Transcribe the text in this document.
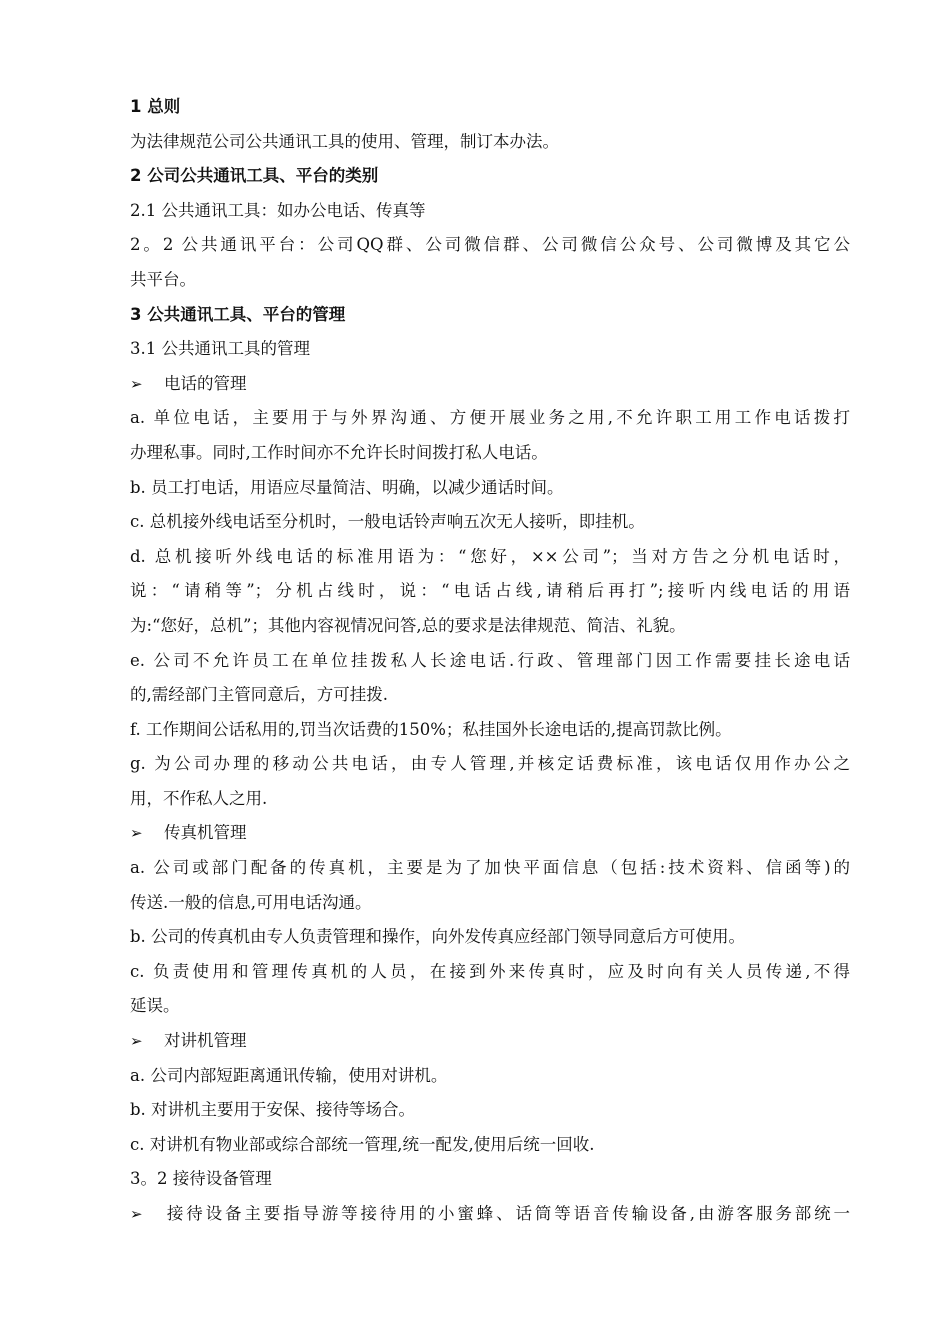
1 总则
为法律规范公司公共通讯工具的使用、管理，制订本办法。
2 公司公共通讯工具、平台的类别
2.1 公共通讯工具：如办公电话、传真等
2。2 公共通讯平台：公司QQ群、公司微信群、公司微信公众号、公司微博及其它公
共平台。
3 公共通讯工具、平台的管理
3.1 公共通讯工具的管理
➢ 电话的管理
a. 单位电话，主要用于与外界沟通、方便开展业务之用,不允许职工用工作电话拨打
办理私事。同时,工作时间亦不允许长时间拨打私人电话。
b. 员工打电话，用语应尽量简洁、明确，以减少通话时间。
c. 总机接外线电话至分机时，一般电话铃声响五次无人接听，即挂机。
d. 总机接听外线电话的标准用语为：“您好，××公司”；当对方告之分机电话时，
说：“请稍等”；分机占线时，说：“电话占线,请稍后再打”;接听内线电话的用语
为:“您好，总机”；其他内容视情况问答,总的要求是法律规范、简洁、礼貌。
e. 公司不允许员工在单位挂拨私人长途电话.行政、管理部门因工作需要挂长途电话
的,需经部门主管同意后，方可挂拨.
f. 工作期间公话私用的,罚当次话费的150%；私挂国外长途电话的,提高罚款比例。
g. 为公司办理的移动公共电话，由专人管理,并核定话费标准，该电话仅用作办公之
用，不作私人之用.
➢ 传真机管理
a. 公司或部门配备的传真机，主要是为了加快平面信息（包括:技术资料、信函等)的
传送.一般的信息,可用电话沟通。
b. 公司的传真机由专人负责管理和操作，向外发传真应经部门领导同意后方可使用。
c. 负责使用和管理传真机的人员，在接到外来传真时，应及时向有关人员传递,不得
延误。
➢ 对讲机管理
a. 公司内部短距离通讯传输，使用对讲机。
b. 对讲机主要用于安保、接待等场合。
c. 对讲机有物业部或综合部统一管理,统一配发,使用后统一回收.
3。2 接待设备管理
➢ 接待设备主要指导游等接待用的小蜜蜂、话筒等语音传输设备,由游客服务部统一
